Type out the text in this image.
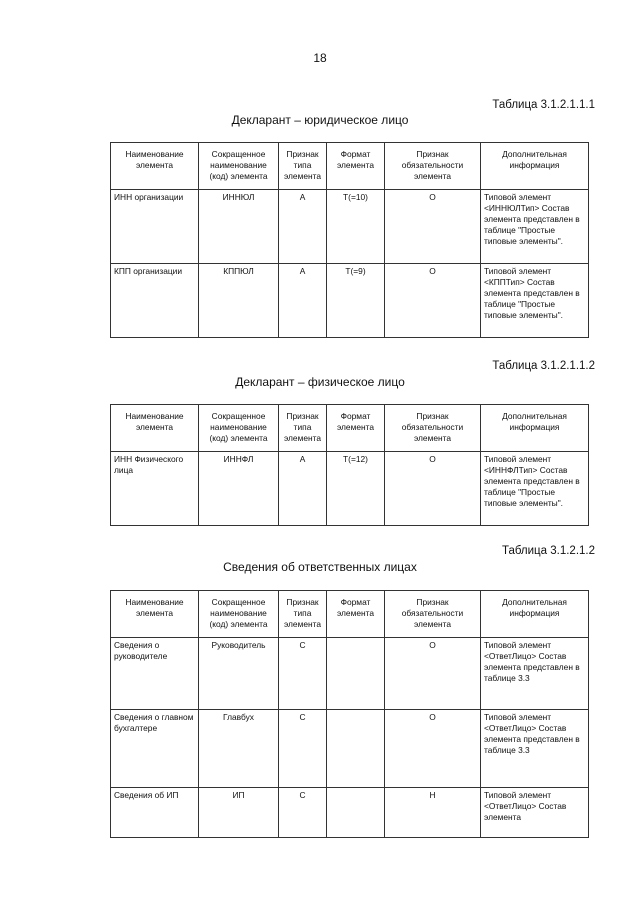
18
Таблица 3.1.2.1.1.1
Декларант – юридическое лицо
Наименование элемента	Сокращенное наименование (код) элемента	Признак типа элемента	Формат элемента	Признак обязательности элемента	Дополнительная информация
ИНН организации	ИННЮЛ	А	Т(=10)	О	Типовой элемент <ИННЮЛТип> Состав элемента представлен в таблице "Простые типовые элементы".
КПП организации	КППЮЛ	А	Т(=9)	О	Типовой элемент <КППТип> Состав элемента представлен в таблице "Простые типовые элементы".
Таблица 3.1.2.1.1.2
Декларант – физическое лицо
Наименование элемента	Сокращенное наименование (код) элемента	Признак типа элемента	Формат элемента	Признак обязательности элемента	Дополнительная информация
ИНН Физического лица	ИННФЛ	А	Т(=12)	О	Типовой элемент <ИННФЛТип> Состав элемента представлен в таблице "Простые типовые элементы".
Таблица 3.1.2.1.2
Сведения об ответственных лицах
Наименование элемента	Сокращенное наименование (код) элемента	Признак типа элемента	Формат элемента	Признак обязательности элемента	Дополнительная информация
Сведения о руководителе	Руководитель	С		О	Типовой элемент <ОтветЛицо> Состав элемента представлен в таблице 3.3
Сведения о главном бухгалтере	Главбух	С		О	Типовой элемент <ОтветЛицо> Состав элемента представлен в таблице 3.3
Сведения об ИП	ИП	С		Н	Типовой элемент <ОтветЛицо> Состав элемента
